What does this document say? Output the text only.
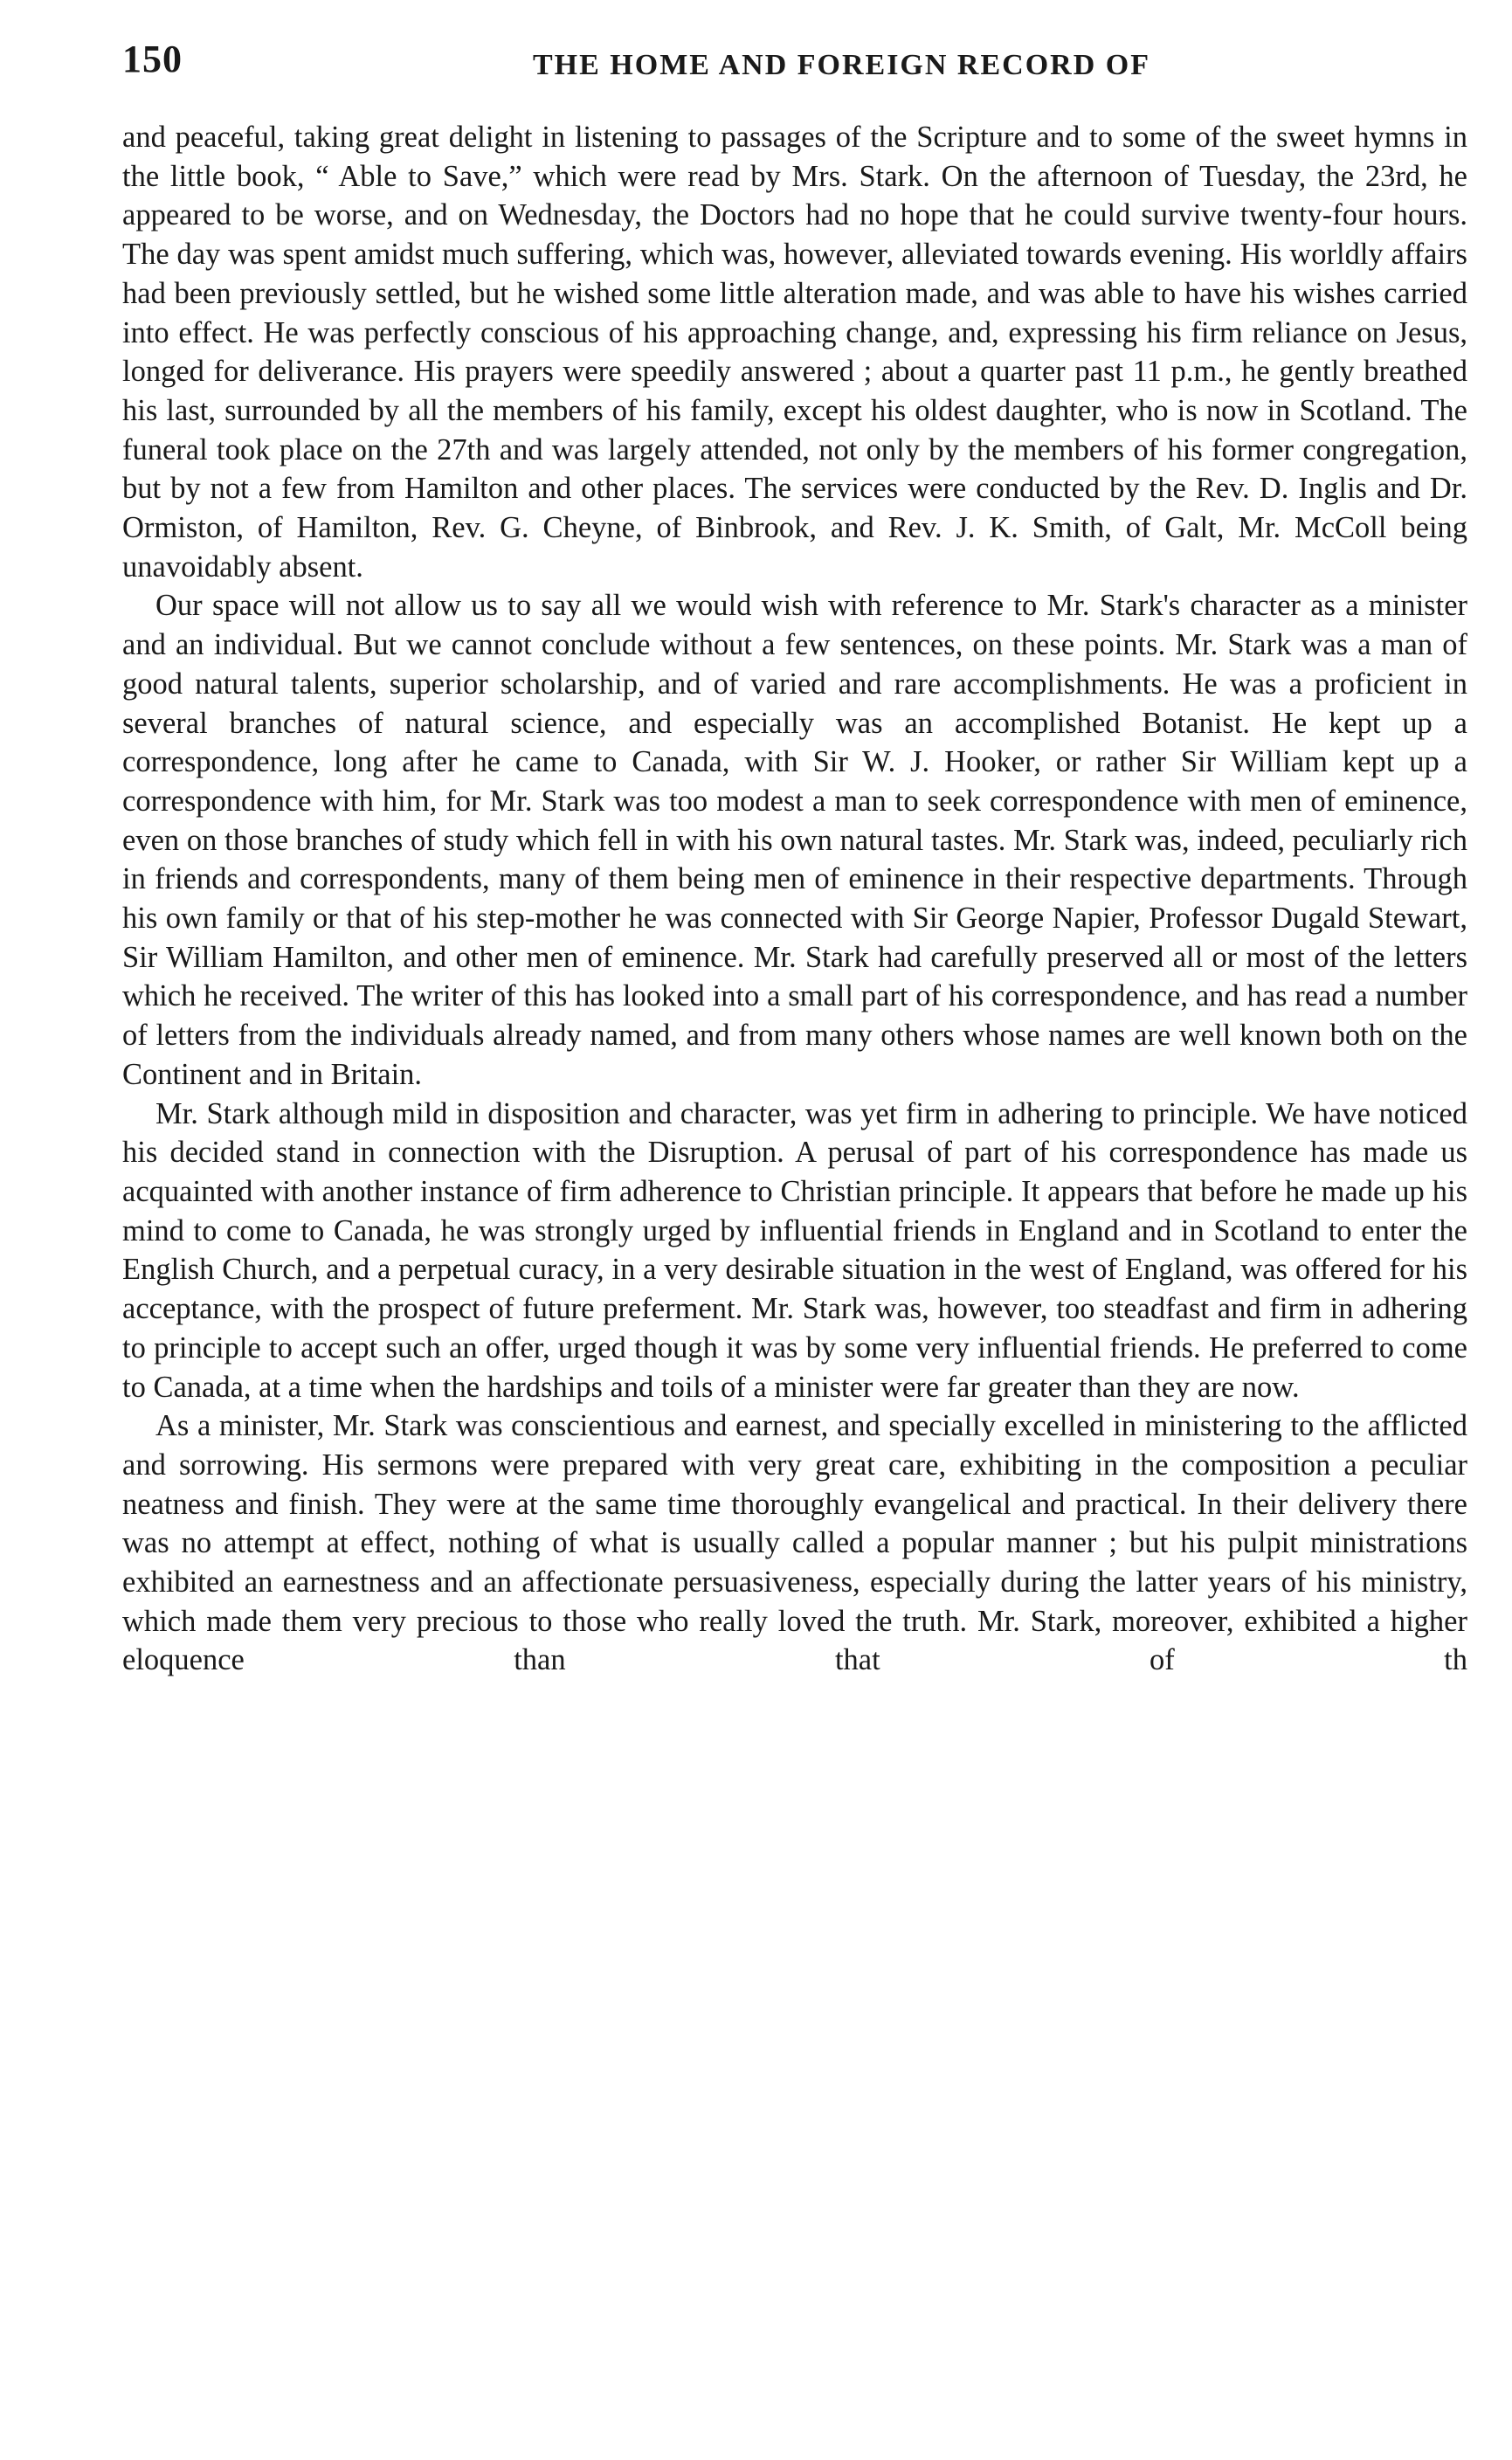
150	THE HOME AND FOREIGN RECORD OF

and peaceful, taking great delight in listening to passages of the Scripture and to some of the sweet hymns in the little book, “ Able to Save,” which were read by Mrs. Stark. On the afternoon of Tuesday, the 23rd, he appeared to be worse, and on Wednesday, the Doctors had no hope that he could survive twenty-four hours. The day was spent amidst much suffering, which was, however, alleviated towards evening. His worldly affairs had been previously settled, but he wished some little alteration made, and was able to have his wishes carried into effect. He was perfectly conscious of his approaching change, and, expressing his firm reliance on Jesus, longed for deliverance. His prayers were speedily answered ; about a quarter past 11 p.m., he gently breathed his last, surrounded by all the members of his family, except his oldest daughter, who is now in Scotland. The funeral took place on the 27th and was largely attended, not only by the members of his former congregation, but by not a few from Hamilton and other places. The services were conducted by the Rev. D. Inglis and Dr. Ormiston, of Hamilton, Rev. G. Cheyne, of Binbrook, and Rev. J. K. Smith, of Galt, Mr. McColl being unavoidably absent.

Our space will not allow us to say all we would wish with reference to Mr. Stark's character as a minister and an individual. But we cannot conclude without a few sentences, on these points. Mr. Stark was a man of good natural talents, superior scholarship, and of varied and rare accomplishments. He was a proficient in several branches of natural science, and especially was an accomplished Botanist. He kept up a correspondence, long after he came to Canada, with Sir W. J. Hooker, or rather Sir William kept up a correspondence with him, for Mr. Stark was too modest a man to seek correspondence with men of eminence, even on those branches of study which fell in with his own natural tastes. Mr. Stark was, indeed, peculiarly rich in friends and correspondents, many of them being men of eminence in their respective departments. Through his own family or that of his step-mother he was connected with Sir George Napier, Professor Dugald Stewart, Sir William Hamilton, and other men of eminence. Mr. Stark had carefully preserved all or most of the letters which he received. The writer of this has looked into a small part of his correspondence, and has read a number of letters from the individuals already named, and from many others whose names are well known both on the Continent and in Britain.

Mr. Stark although mild in disposition and character, was yet firm in adhering to principle. We have noticed his decided stand in connection with the Disruption. A perusal of part of his correspondence has made us acquainted with another instance of firm adherence to Christian principle. It appears that before he made up his mind to come to Canada, he was strongly urged by influential friends in England and in Scotland to enter the English Church, and a perpetual curacy, in a very desirable situation in the west of England, was offered for his acceptance, with the prospect of future preferment. Mr. Stark was, however, too steadfast and firm in adhering to principle to accept such an offer, urged though it was by some very influential friends. He preferred to come to Canada, at a time when the hardships and toils of a minister were far greater than they are now.

As a minister, Mr. Stark was conscientious and earnest, and specially excelled in ministering to the afflicted and sorrowing. His sermons were prepared with very great care, exhibiting in the composition a peculiar neatness and finish. They were at the same time thoroughly evangelical and practical. In their delivery there was no attempt at effect, nothing of what is usually called a popular manner ; but his pulpit ministrations exhibited an earnestness and an affectionate persuasiveness, especially during the latter years of his ministry, which made them very precious to those who really loved the truth. Mr. Stark, moreover, exhibited a higher eloquence than that of th
